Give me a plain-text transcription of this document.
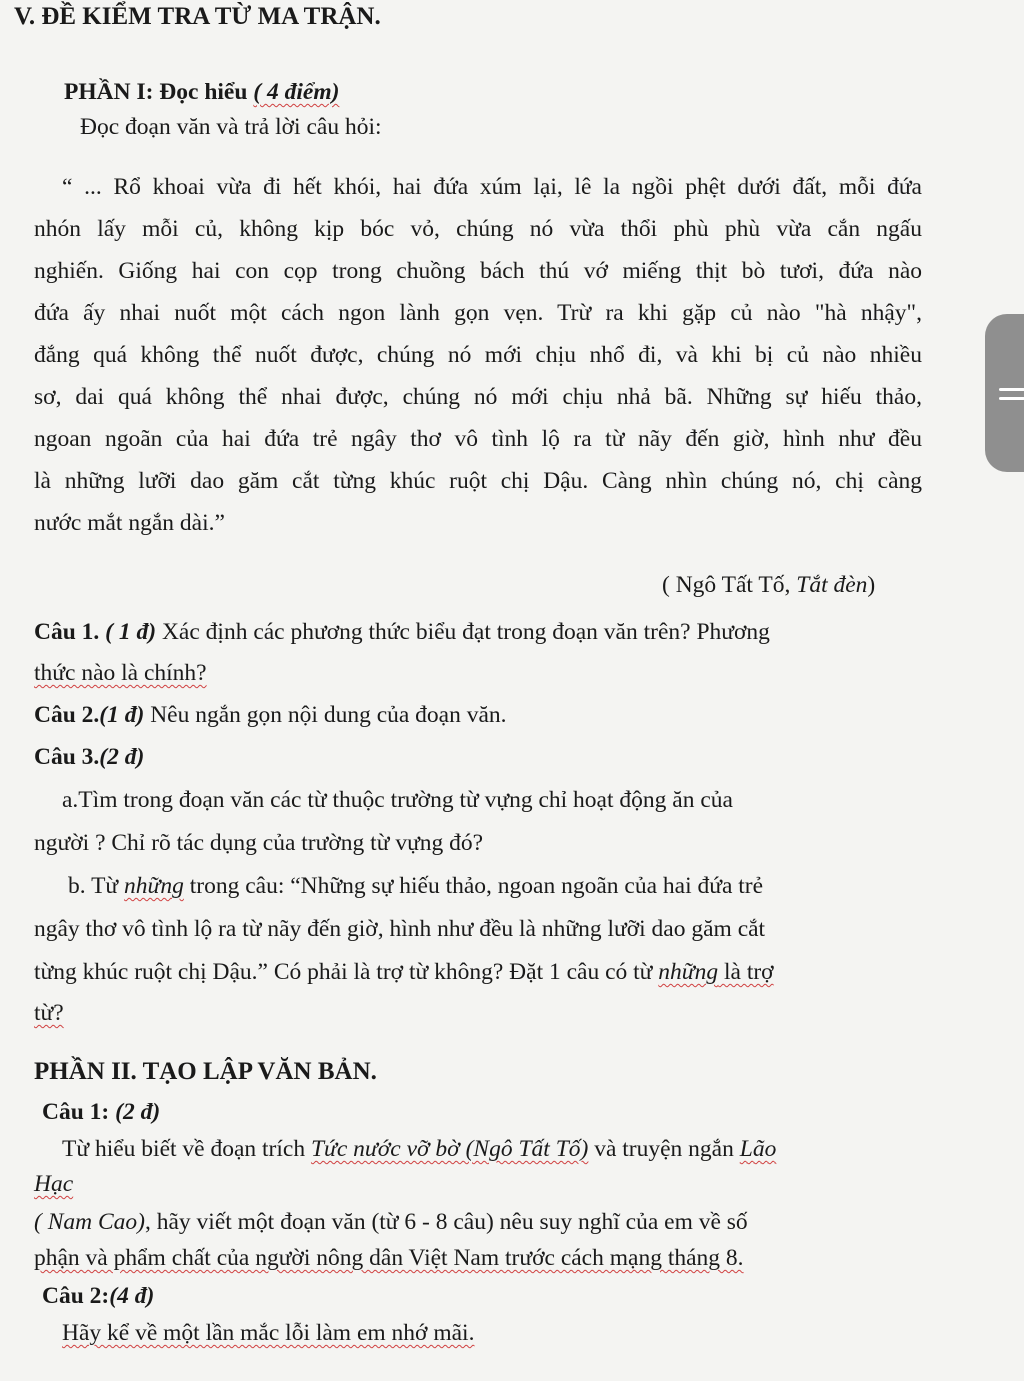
V. ĐỀ KIỂM TRA TỪ MA TRẬN.
PHẦN I: Đọc hiểu ( 4 điểm)
Đọc đoạn văn và trả lời câu hỏi:
“ ... Rổ khoai vừa đi hết khói, hai đứa xúm lại, lê la ngồi phệt dưới đất, mỗi đứa
nhón lấy mỗi củ, không kịp bóc vỏ, chúng nó vừa thổi phù phù vừa cắn ngấu
nghiến. Giống hai con cọp trong chuồng bách thú vớ miếng thịt bò tươi, đứa nào
đứa ấy nhai nuốt một cách ngon lành gọn vẹn. Trừ ra khi gặp củ nào "hà nhậy",
đắng quá không thể nuốt được, chúng nó mới chịu nhổ đi, và khi bị củ nào nhiều
sơ, dai quá không thể nhai được, chúng nó mới chịu nhả bã. Những sự hiếu thảo,
ngoan ngoãn của hai đứa trẻ ngây thơ vô tình lộ ra từ nãy đến giờ, hình như đều
là những lưỡi dao găm cắt từng khúc ruột chị Dậu. Càng nhìn chúng nó, chị càng
nước mắt ngắn dài.”
( Ngô Tất Tố, Tắt đèn)
Câu 1. ( 1 đ) Xác định các phương thức biểu đạt trong đoạn văn trên? Phương
thức nào là chính?
Câu 2.(1 đ) Nêu ngắn gọn nội dung của đoạn văn.
Câu 3.(2 đ)
a.Tìm trong đoạn văn các từ thuộc trường từ vựng chỉ hoạt động ăn của
người ? Chỉ rõ tác dụng của trường từ vựng đó?
b. Từ những trong câu: “Những sự hiếu thảo, ngoan ngoãn của hai đứa trẻ
ngây thơ vô tình lộ ra từ nãy đến giờ, hình như đều là những lưỡi dao găm cắt
từng khúc ruột chị Dậu.” Có phải là trợ từ không? Đặt 1 câu có từ những là trợ
từ?
PHẦN II. TẠO LẬP VĂN BẢN.
Câu 1: (2 đ)
Từ hiểu biết về đoạn trích Tức nước vỡ bờ (Ngô Tất Tố) và truyện ngắn Lão
Hạc
( Nam Cao), hãy viết một đoạn văn (từ 6 - 8 câu) nêu suy nghĩ của em về số
phận và phẩm chất của người nông dân Việt Nam trước cách mạng tháng 8.
Câu 2:(4 đ)
Hãy kể về một lần mắc lỗi làm em nhớ mãi.
